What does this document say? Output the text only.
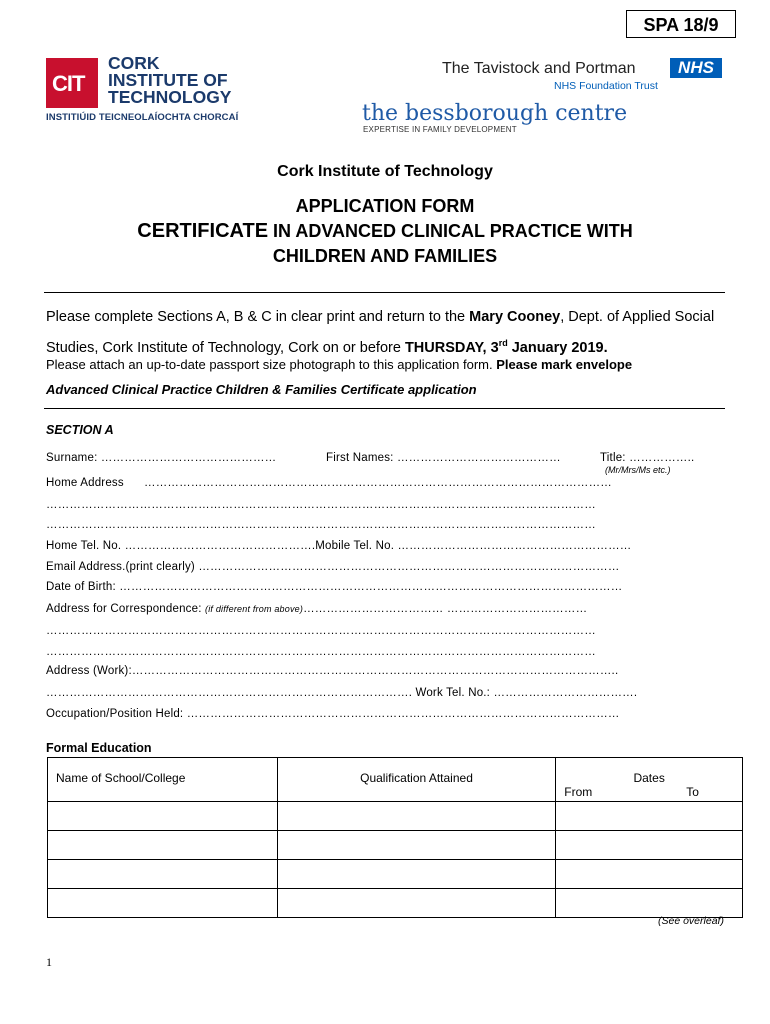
SPA 18/9
CIT
CORK
INSTITUTE OF
TECHNOLOGY
INSTITIÚID TEICNEOLAÍOCHTA CHORCAÍ
The Tavistock and Portman	NHS
NHS Foundation Trust
the bessborough centre
EXPERTISE IN FAMILY DEVELOPMENT
Cork Institute of Technology
APPLICATION FORM
CERTIFICATE IN ADVANCED CLINICAL PRACTICE WITH
CHILDREN AND FAMILIES
Please complete Sections A, B & C in clear print and return to the Mary Cooney, Dept. of Applied Social Studies, Cork Institute of Technology, Cork on or before THURSDAY, 3rd January 2019.
Please attach an up-to-date passport size photograph to this application form. Please mark envelope
Advanced Clinical Practice Children & Families Certificate application
SECTION A
Surname: ………………………………………	First Names: ……………………………………	Title: ……………..
(Mr/Mrs/Ms etc.)
Home Address …………………………………………………………………………………………………………
……………………………………………………………………………………………………………………………
……………………………………………………………………………………………………………………………
Home Tel. No. ………………………………………….Mobile Tel. No. ……………………………………………………
Email Address.(print clearly) ………………………………………………………………………………………………
Date of Birth: …………………………………………………………………………………………………………………
Address for Correspondence: (if different from above)……………………………… ………………………………
……………………………………………………………………………………………………………………………
……………………………………………………………………………………………………………………………
Address (Work):……………………………………………………………………………………………………………..
…………………………………………………………………………………. Work Tel. No.: ……………………………….
Occupation/Position Held: …………………………………………………………………………………………………
Formal Education
Name of School/College	Qualification Attained	Dates
From To

(See overleaf)
1
